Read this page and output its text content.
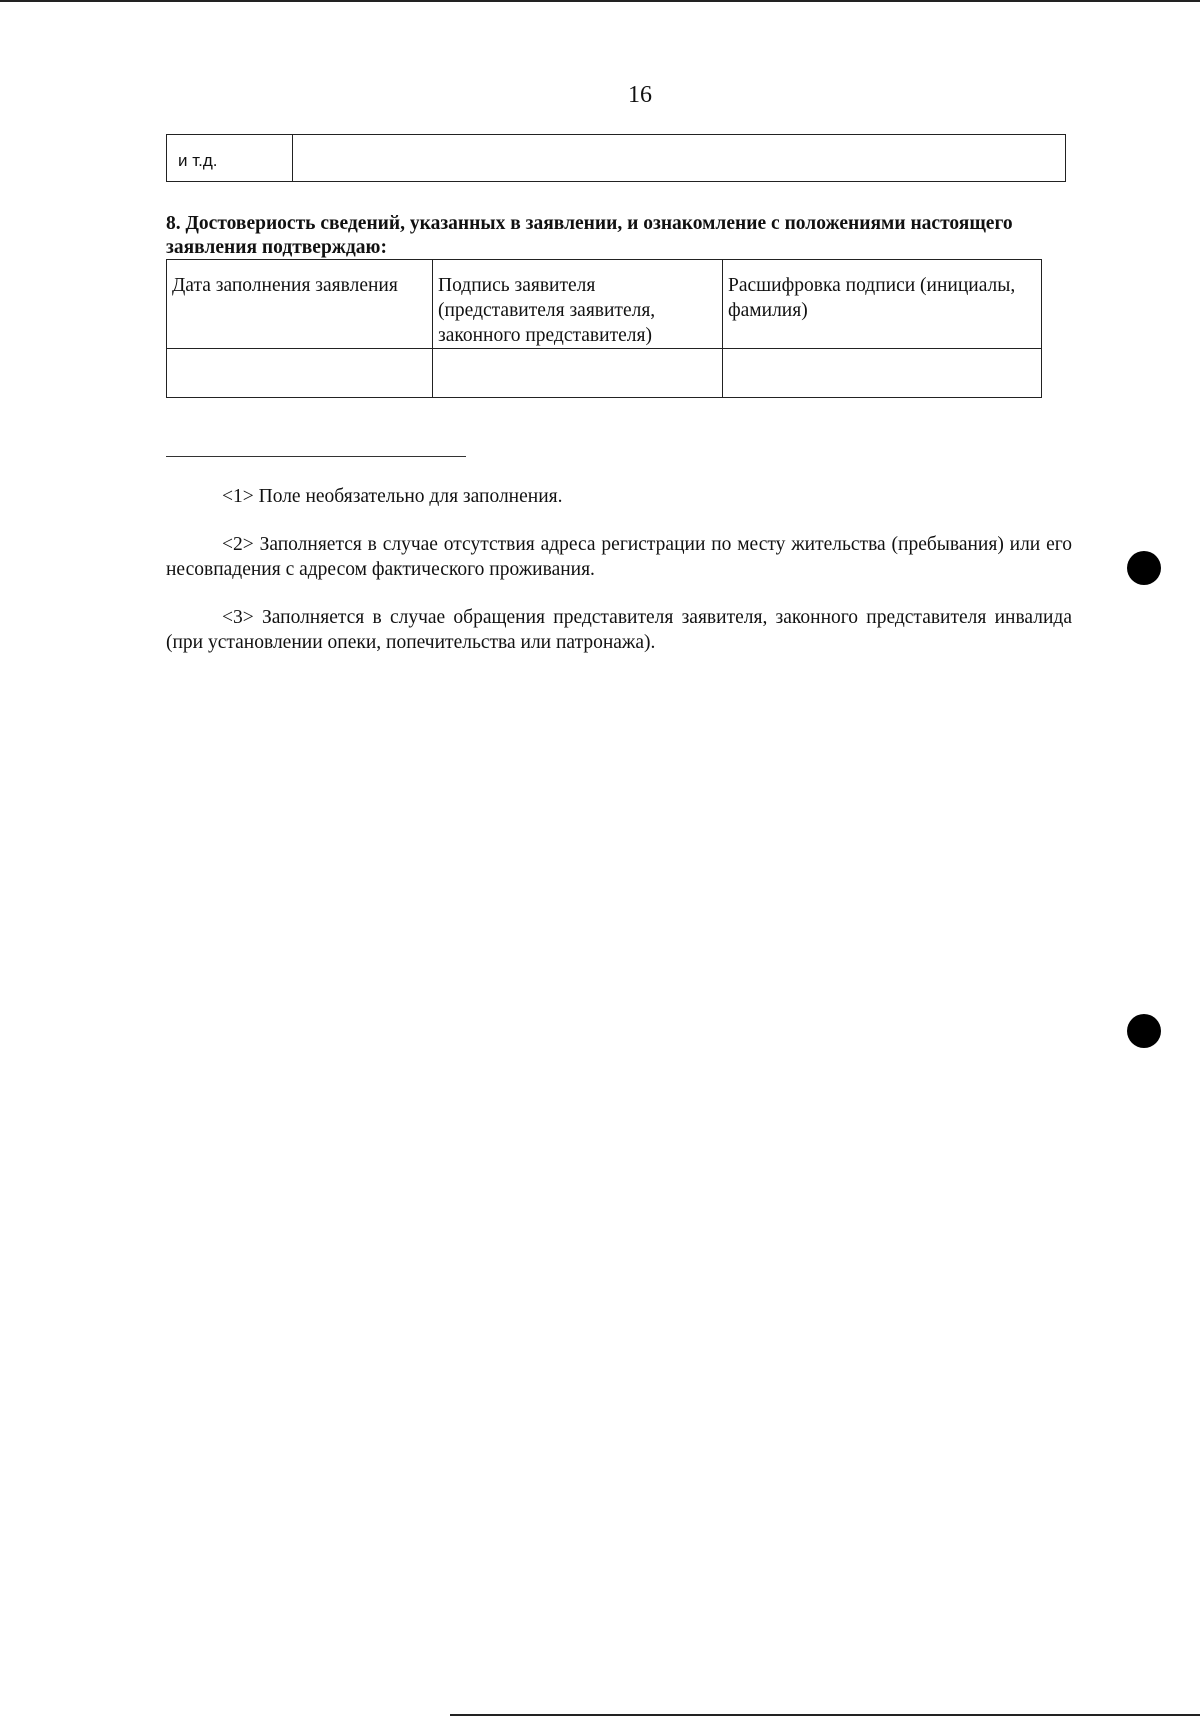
16
и т.д.
8. Достовериость сведений, указанных в заявлении, и ознакомление с положениями настоящего заявления подтверждаю:
Дата заполнения заявления	Подпись заявителя (представителя заявителя, законного представителя)	Расшифровка подписи (инициалы, фамилия)

<1> Поле необязательно для заполнения.
<2> Заполняется в случае отсутствия адреса регистрации по месту жительства (пребывания) или его несовпадения с адресом фактического проживания.
<3> Заполняется в случае обращения представителя заявителя, законного представителя инвалида (при установлении опеки, попечительства или патронажа).
